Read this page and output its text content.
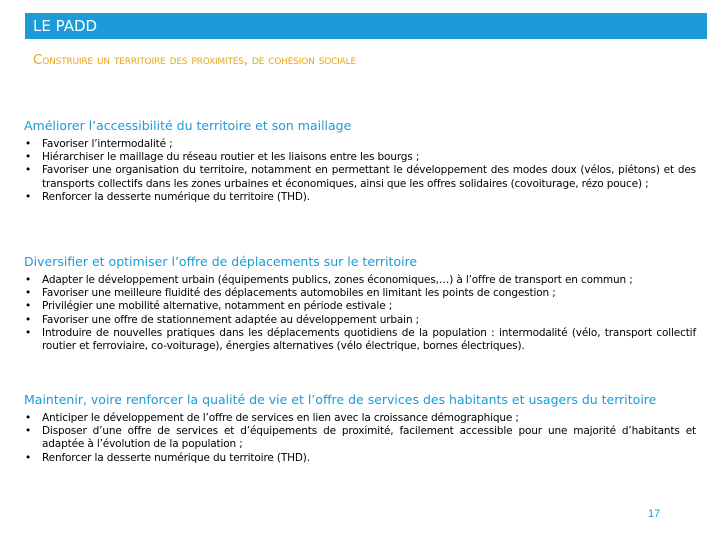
LE PADD
Construire un territoire des proximités, de cohésion sociale
Améliorer l’accessibilité du territoire et son maillage
• Favoriser l’intermodalité ;
• Hiérarchiser le maillage du réseau routier et les liaisons entre les bourgs ;
• Favoriser une organisation du territoire, notamment en permettant le développement des modes doux (vélos, piétons) et des transports collectifs dans les zones urbaines et économiques, ainsi que les offres solidaires (covoiturage, rézo pouce) ;
• Renforcer la desserte numérique du territoire (THD).
Diversifier et optimiser l’offre de déplacements sur le territoire
• Adapter le développement urbain (équipements publics, zones économiques,…) à l’offre de transport en commun ;
• Favoriser une meilleure fluidité des déplacements automobiles en limitant les points de congestion ;
• Privilégier une mobilité alternative, notamment en période estivale ;
• Favoriser une offre de stationnement adaptée au développement urbain ;
• Introduire de nouvelles pratiques dans les déplacements quotidiens de la population : intermodalité (vélo, transport collectif routier et ferroviaire, co-voiturage), énergies alternatives (vélo électrique, bornes électriques).
Maintenir, voire renforcer la qualité de vie et l’offre de services des habitants et usagers du territoire
• Anticiper le développement de l’offre de services en lien avec la croissance démographique ;
• Disposer d’une offre de services et d’équipements de proximité, facilement accessible pour une majorité d’habitants et adaptée à l’évolution de la population ;
• Renforcer la desserte numérique du territoire (THD).
17
